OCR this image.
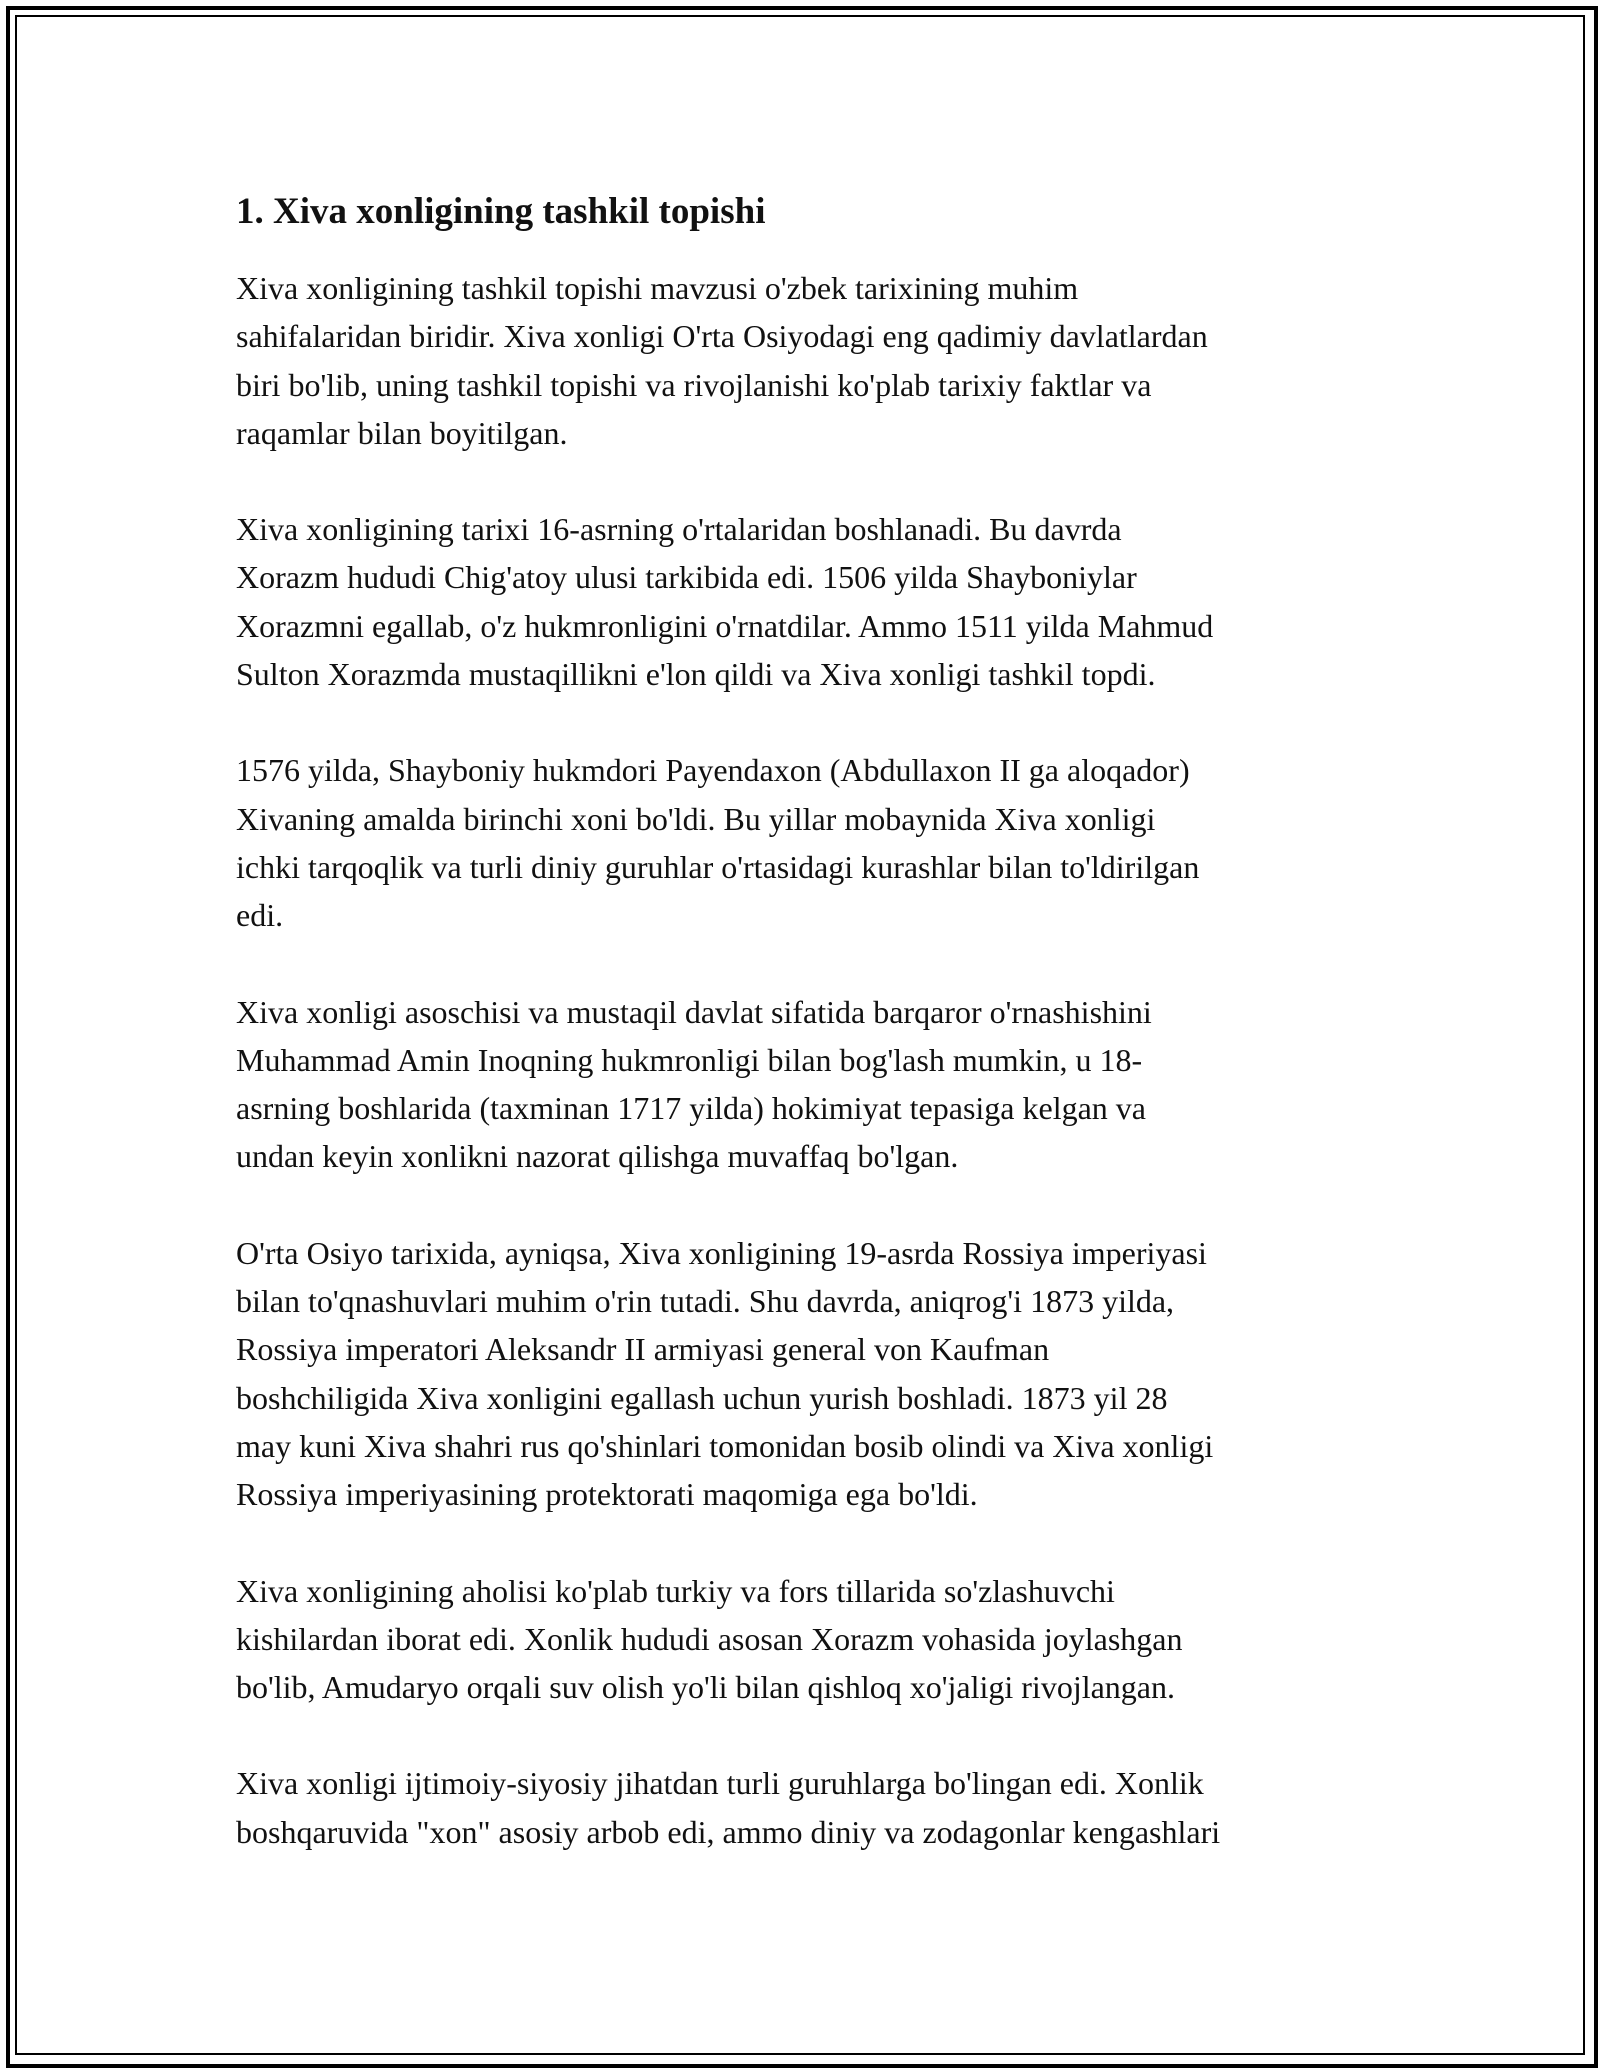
1. Xiva xonligining tashkil topishi

Xiva xonligining tashkil topishi mavzusi o'zbek tarixining muhim
sahifalaridan biridir. Xiva xonligi O'rta Osiyodagi eng qadimiy davlatlardan
biri bo'lib, uning tashkil topishi va rivojlanishi ko'plab tarixiy faktlar va
raqamlar bilan boyitilgan.

Xiva xonligining tarixi 16-asrning o'rtalaridan boshlanadi. Bu davrda
Xorazm hududi Chig'atoy ulusi tarkibida edi. 1506 yilda Shayboniylar
Xorazmni egallab, o'z hukmronligini o'rnatdilar. Ammo 1511 yilda Mahmud
Sulton Xorazmda mustaqillikni e'lon qildi va Xiva xonligi tashkil topdi.

1576 yilda, Shayboniy hukmdori Payendaxon (Abdullaxon II ga aloqador)
Xivaning amalda birinchi xoni bo'ldi. Bu yillar mobaynida Xiva xonligi
ichki tarqoqlik va turli diniy guruhlar o'rtasidagi kurashlar bilan to'ldirilgan
edi.

Xiva xonligi asoschisi va mustaqil davlat sifatida barqaror o'rnashishini
Muhammad Amin Inoqning hukmronligi bilan bog'lash mumkin, u 18-
asrning boshlarida (taxminan 1717 yilda) hokimiyat tepasiga kelgan va
undan keyin xonlikni nazorat qilishga muvaffaq bo'lgan.

O'rta Osiyo tarixida, ayniqsa, Xiva xonligining 19-asrda Rossiya imperiyasi
bilan to'qnashuvlari muhim o'rin tutadi. Shu davrda, aniqrog'i 1873 yilda,
Rossiya imperatori Aleksandr II armiyasi general von Kaufman
boshchiligida Xiva xonligini egallash uchun yurish boshladi. 1873 yil 28
may kuni Xiva shahri rus qo'shinlari tomonidan bosib olindi va Xiva xonligi
Rossiya imperiyasining protektorati maqomiga ega bo'ldi.

Xiva xonligining aholisi ko'plab turkiy va fors tillarida so'zlashuvchi
kishilardan iborat edi. Xonlik hududi asosan Xorazm vohasida joylashgan
bo'lib, Amudaryo orqali suv olish yo'li bilan qishloq xo'jaligi rivojlangan.

Xiva xonligi ijtimoiy-siyosiy jihatdan turli guruhlarga bo'lingan edi. Xonlik
boshqaruvida "xon" asosiy arbob edi, ammo diniy va zodagonlar kengashlari
